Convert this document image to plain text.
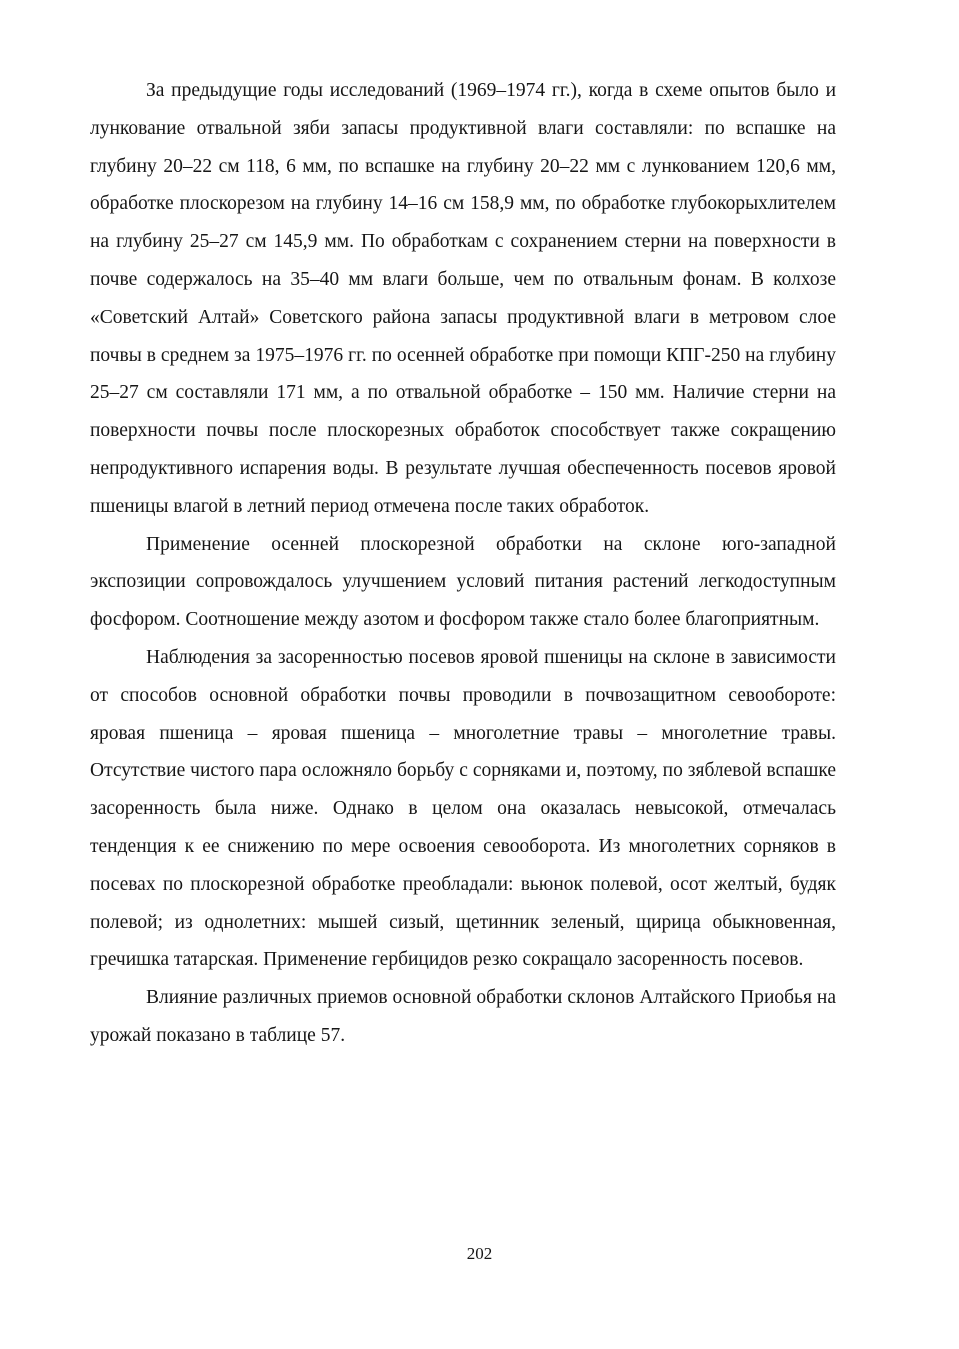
За предыдущие годы исследований (1969–1974 гг.), когда в схеме опытов было и лункование отвальной зяби запасы продуктивной влаги составляли: по вспашке на глубину 20–22 см 118, 6 мм, по вспашке на глубину 20–22 мм с лункованием 120,6 мм, обработке плоскорезом на глубину 14–16 см 158,9 мм, по обработке глубокорыхлителем на глубину 25–27 см 145,9 мм. По обработкам с сохранением стерни на поверхности в почве содержалось на 35–40 мм влаги больше, чем по отвальным фонам. В колхозе «Советский Алтай» Советского района запасы продуктивной влаги в метровом слое почвы в среднем за 1975–1976 гг. по осенней обработке при помощи КПГ-250 на глубину 25–27 см составляли 171 мм, а по отвальной обработке – 150 мм. Наличие стерни на поверхности почвы после плоскорезных обработок способствует также сокращению непродуктивного испарения воды. В результате лучшая обеспеченность посевов яровой пшеницы влагой в летний период отмечена после таких обработок.

Применение осенней плоскорезной обработки на склоне юго-западной экспозиции сопровождалось улучшением условий питания растений легкодоступным фосфором. Соотношение между азотом и фосфором также стало более благоприятным.

Наблюдения за засоренностью посевов яровой пшеницы на склоне в зависимости от способов основной обработки почвы проводили в почвозащитном севообороте: яровая пшеница – яровая пшеница – многолетние травы – многолетние травы. Отсутствие чистого пара осложняло борьбу с сорняками и, поэтому, по зяблевой вспашке засоренность была ниже. Однако в целом она оказалась невысокой, отмечалась тенденция к ее снижению по мере освоения севооборота. Из многолетних сорняков в посевах по плоскорезной обработке преобладали: вьюнок полевой, осот желтый, будяк полевой; из однолетних: мышей сизый, щетинник зеленый, щирица обыкновенная, гречишка татарская. Применение гербицидов резко сокращало засоренность посевов.

Влияние различных приемов основной обработки склонов Алтайского Приобья на урожай показано в таблице 57.

202
